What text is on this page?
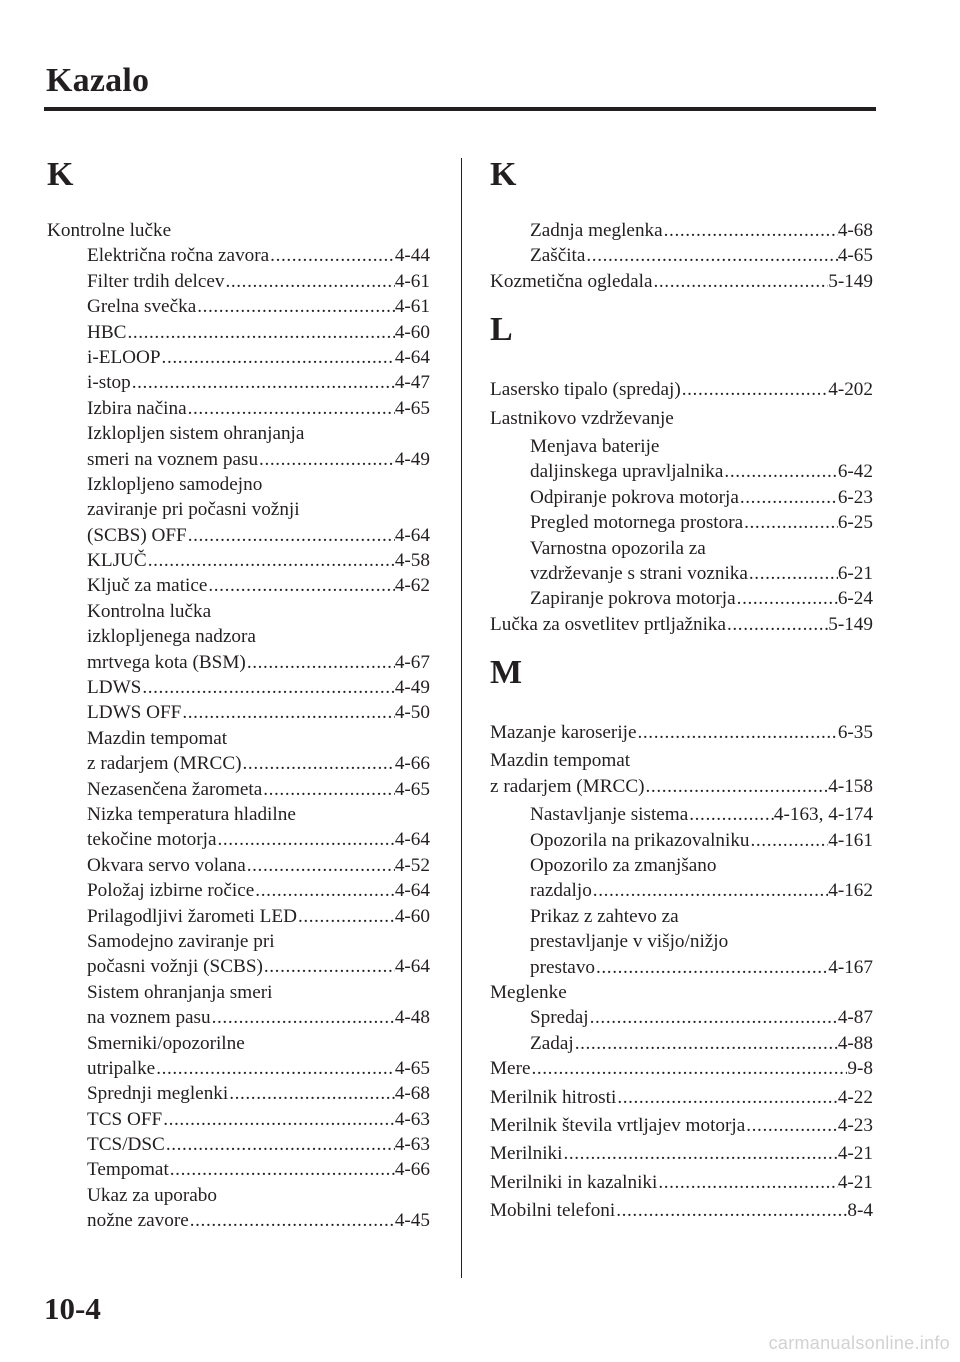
Kazalo
K
Kontrolne lučke
Električna ročna zavora .....	4-44
Filter trdih delcev .....	4-61
Grelna svečka .....	4-61
HBC .....	4-60
i-ELOOP .....	4-64
i-stop .....	4-47
Izbira načina .....	4-65
Izklopljen sistem ohranjanja
smeri na voznem pasu .....	4-49
Izklopljeno samodejno
zaviranje pri počasni vožnji
(SCBS) OFF .....	4-64
KLJUČ .....	4-58
Ključ za matice .....	4-62
Kontrolna lučka
izklopljenega nadzora
mrtvega kota (BSM) .....	4-67
LDWS .....	4-49
LDWS OFF .....	4-50
Mazdin tempomat
z radarjem (MRCC) .....	4-66
Nezasenčena žarometa .....	4-65
Nizka temperatura hladilne
tekočine motorja .....	4-64
Okvara servo volana .....	4-52
Položaj izbirne ročice .....	4-64
Prilagodljivi žarometi LED .....	4-60
Samodejno zaviranje pri
počasni vožnji (SCBS) .....	4-64
Sistem ohranjanja smeri
na voznem pasu .....	4-48
Smerniki/opozorilne
utripalke .....	4-65
Sprednji meglenki .....	4-68
TCS OFF .....	4-63
TCS/DSC .....	4-63
Tempomat .....	4-66
Ukaz za uporabo
nožne zavore .....	4-45
K
Zadnja meglenka .....	4-68
Zaščita .....	4-65
Kozmetična ogledala .....	5-149
L
Lasersko tipalo (spredaj) .....	4-202
Lastnikovo vzdrževanje
Menjava baterije
daljinskega upravljalnika .....	6-42
Odpiranje pokrova motorja .....	6-23
Pregled motornega prostora .....	6-25
Varnostna opozorila za
vzdrževanje s strani voznika .....	6-21
Zapiranje pokrova motorja .....	6-24
Lučka za osvetlitev prtljažnika .....	5-149
M
Mazanje karoserije .....	6-35
Mazdin tempomat
z radarjem (MRCC) .....	4-158
Nastavljanje sistema .....	4-163, 4-174
Opozorila na prikazovalniku .....	4-161
Opozorilo za zmanjšano
razdaljo .....	4-162
Prikaz z zahtevo za
prestavljanje v višjo/nižjo
prestavo .....	4-167
Meglenke
Spredaj .....	4-87
Zadaj .....	4-88
Mere .....	9-8
Merilnik hitrosti .....	4-22
Merilnik števila vrtljajev motorja .....	4-23
Merilniki .....	4-21
Merilniki in kazalniki .....	4-21
Mobilni telefoni .....	8-4
10-4
carmanualsonline.info
